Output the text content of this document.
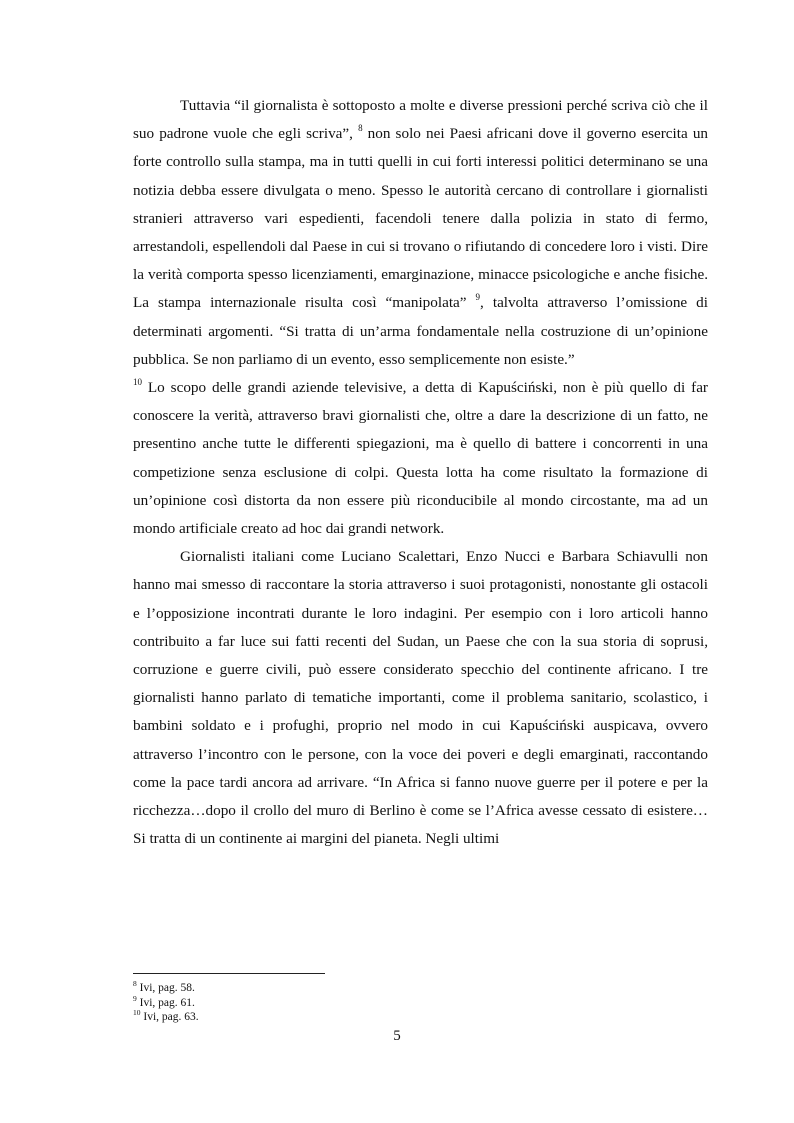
Tuttavia “il giornalista è sottoposto a molte e diverse pressioni perché scriva ciò che il suo padrone vuole che egli scriva”, $^8$ non solo nei Paesi africani dove il governo esercita un forte controllo sulla stampa, ma in tutti quelli in cui forti interessi politici determinano se una notizia debba essere divulgata o meno. Spesso le autorità cercano di controllare i giornalisti stranieri attraverso vari espedienti, facendoli tenere dalla polizia in stato di fermo, arrestandoli, espellendoli dal Paese in cui si trovano o rifiutando di concedere loro i visti. Dire la verità comporta spesso licenziamenti, emarginazione, minacce psicologiche e anche fisiche. La stampa internazionale risulta così “manipolata” $^9$, talvolta attraverso l’omissione di determinati argomenti. “Si tratta di un’arma fondamentale nella costruzione di un’opinione pubblica. Se non parliamo di un evento, esso semplicemente non esiste.”
$^{10}$ Lo scopo delle grandi aziende televisive, a detta di Kapuściński, non è più quello di far conoscere la verità, attraverso bravi giornalisti che, oltre a dare la descrizione di un fatto, ne presentino anche tutte le differenti spiegazioni, ma è quello di battere i concorrenti in una competizione senza esclusione di colpi. Questa lotta ha come risultato la formazione di un’opinione così distorta da non essere più riconducibile al mondo circostante, ma ad un mondo artificiale creato ad hoc dai grandi network.

Giornalisti italiani come Luciano Scalettari, Enzo Nucci e Barbara Schiavulli non hanno mai smesso di raccontare la storia attraverso i suoi protagonisti, nonostante gli ostacoli e l’opposizione incontrati durante le loro indagini. Per esempio con i loro articoli hanno contribuito a far luce sui fatti recenti del Sudan, un Paese che con la sua storia di soprusi, corruzione e guerre civili, può essere considerato specchio del continente africano. I tre giornalisti hanno parlato di tematiche importanti, come il problema sanitario, scolastico, i bambini soldato e i profughi, proprio nel modo in cui Kapuściński auspicava, ovvero attraverso l’incontro con le persone, con la voce dei poveri e degli emarginati, raccontando come la pace tardi ancora ad arrivare. “In Africa si fanno nuove guerre per il potere e per la ricchezza…dopo il crollo del muro di Berlino è come se l’Africa avesse cessato di esistere…Si tratta di un continente ai margini del pianeta. Negli ultimi

$^8$ Ivi, pag. 58.
$^9$ Ivi, pag. 61.
$^{10}$ Ivi, pag. 63.
5
